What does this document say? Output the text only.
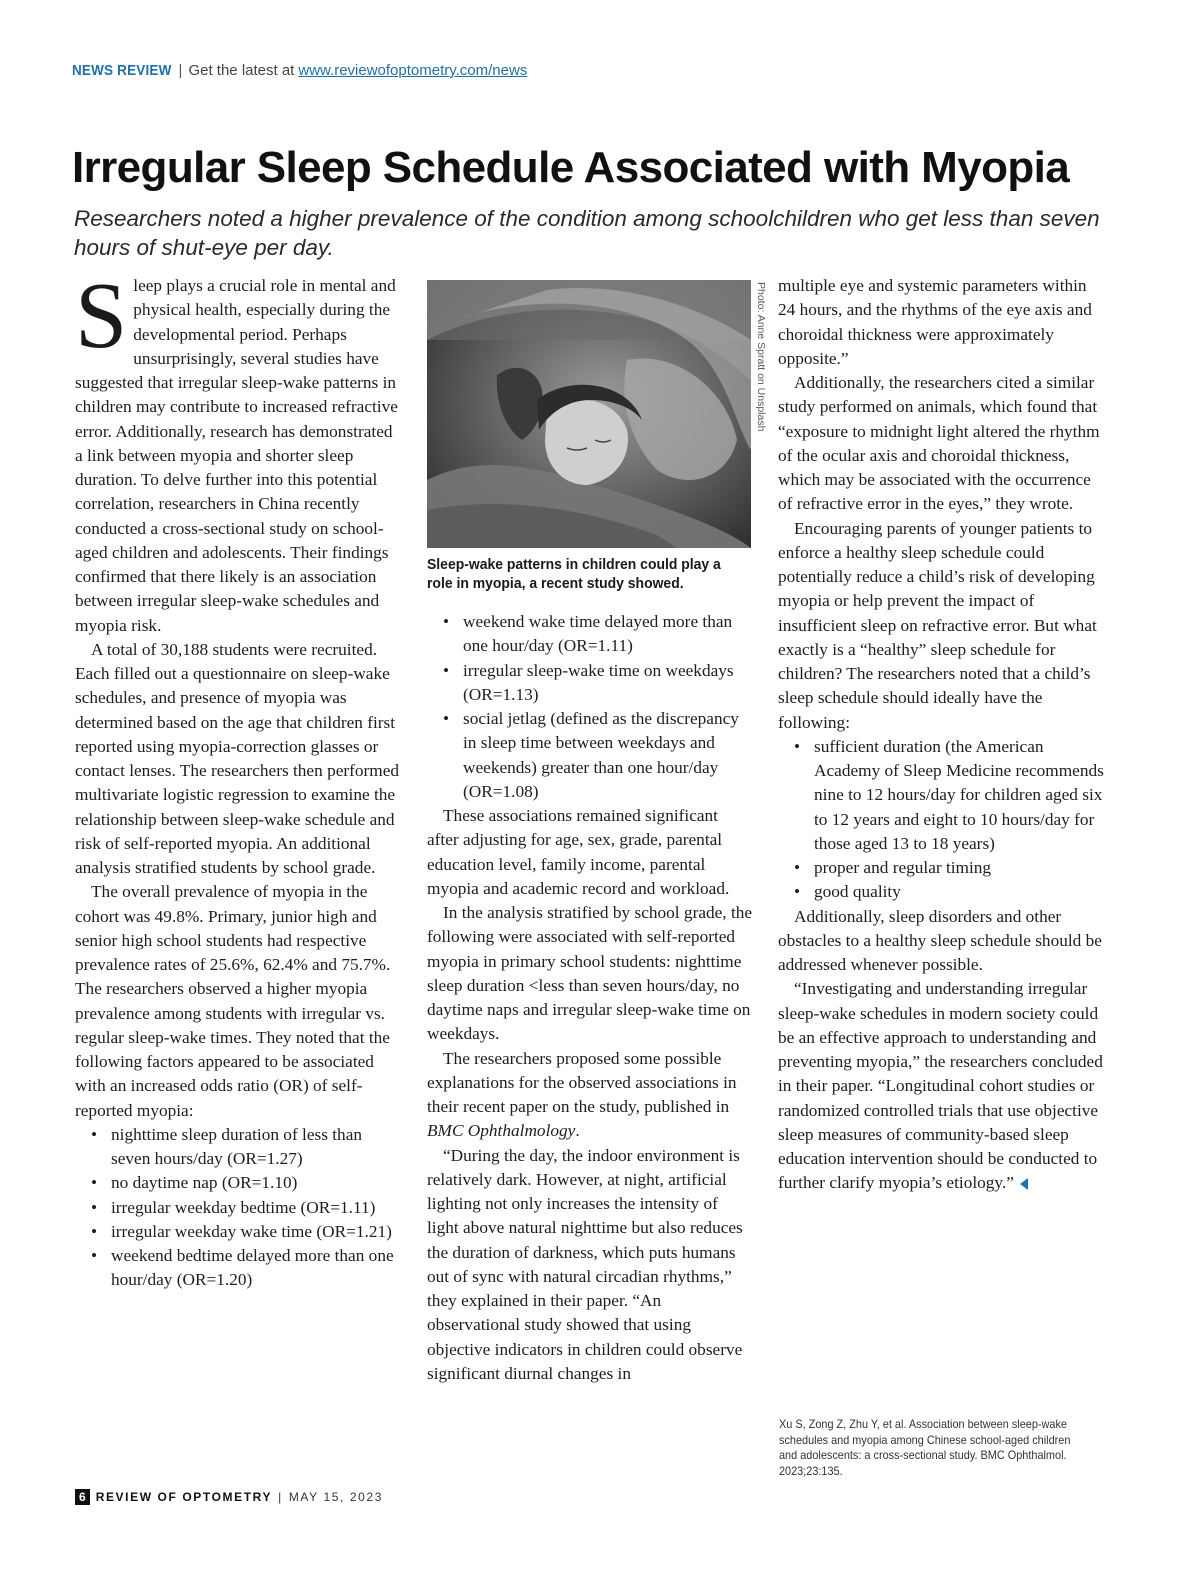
NEWS REVIEW | Get the latest at www.reviewofoptometry.com/news
Irregular Sleep Schedule Associated with Myopia
Researchers noted a higher prevalence of the condition among schoolchildren who get less than seven hours of shut-eye per day.

Sleep plays a crucial role in mental and physical health, especially during the developmental period. Perhaps unsurprisingly, several studies have suggested that irregular sleep-wake patterns in children may contribute to increased refractive error. Additionally, research has demonstrated a link between myopia and shorter sleep duration. To delve further into this potential correlation, researchers in China recently conducted a cross-sectional study on school-aged children and adolescents. Their findings confirmed that there likely is an association between irregular sleep-wake schedules and myopia risk.

A total of 30,188 students were recruited. Each filled out a questionnaire on sleep-wake schedules, and presence of myopia was determined based on the age that children first reported using myopia-correction glasses or contact lenses. The researchers then performed multivariate logistic regression to examine the relationship between sleep-wake schedule and risk of self-reported myopia. An additional analysis stratified students by school grade.

The overall prevalence of myopia in the cohort was 49.8%. Primary, junior high and senior high school students had respective prevalence rates of 25.6%, 62.4% and 75.7%. The researchers observed a higher myopia prevalence among students with irregular vs. regular sleep-wake times. They noted that the following factors appeared to be associated with an increased odds ratio (OR) of self-reported myopia:

• nighttime sleep duration of less than seven hours/day (OR=1.27)
• no daytime nap (OR=1.10)
• irregular weekday bedtime (OR=1.11)
• irregular weekday wake time (OR=1.21)
• weekend bedtime delayed more than one hour/day (OR=1.20)
Photo: Anne Spratt on Unsplash
Sleep-wake patterns in children could play a role in myopia, a recent study showed.
• weekend wake time delayed more than one hour/day (OR=1.11)
• irregular sleep-wake time on weekdays (OR=1.13)
• social jetlag (defined as the discrepancy in sleep time between weekdays and weekends) greater than one hour/day (OR=1.08)

These associations remained significant after adjusting for age, sex, grade, parental education level, family income, parental myopia and academic record and workload.

In the analysis stratified by school grade, the following were associated with self-reported myopia in primary school students: nighttime sleep duration <less than seven hours/day, no daytime naps and irregular sleep-wake time on weekdays.

The researchers proposed some possible explanations for the observed associations in their recent paper on the study, published in BMC Ophthalmology.

“During the day, the indoor environment is relatively dark. However, at night, artificial lighting not only increases the intensity of light above natural nighttime but also reduces the duration of darkness, which puts humans out of sync with natural circadian rhythms,” they explained in their paper. “An observational study showed that using objective indicators in children could observe significant diurnal changes in

multiple eye and systemic parameters within 24 hours, and the rhythms of the eye axis and choroidal thickness were approximately opposite.”

Additionally, the researchers cited a similar study performed on animals, which found that “exposure to midnight light altered the rhythm of the ocular axis and choroidal thickness, which may be associated with the occurrence of refractive error in the eyes,” they wrote.

Encouraging parents of younger patients to enforce a healthy sleep schedule could potentially reduce a child’s risk of developing myopia or help prevent the impact of insufficient sleep on refractive error. But what exactly is a “healthy” sleep schedule for children? The researchers noted that a child’s sleep schedule should ideally have the following:

• sufficient duration (the American Academy of Sleep Medicine recommends nine to 12 hours/day for children aged six to 12 years and eight to 10 hours/day for those aged 13 to 18 years)
• proper and regular timing
• good quality

Additionally, sleep disorders and other obstacles to a healthy sleep schedule should be addressed whenever possible.

“Investigating and understanding irregular sleep-wake schedules in modern society could be an effective approach to understanding and preventing myopia,” the researchers concluded in their paper. “Longitudinal cohort studies or randomized controlled trials that use objective sleep measures of community-based sleep education intervention should be conducted to further clarify myopia’s etiology.”

Xu S, Zong Z, Zhu Y, et al. Association between sleep-wake schedules and myopia among Chinese school-aged children and adolescents: a cross-sectional study. BMC Ophthalmol. 2023;23:135.
6 REVIEW OF OPTOMETRY | MAY 15, 2023
